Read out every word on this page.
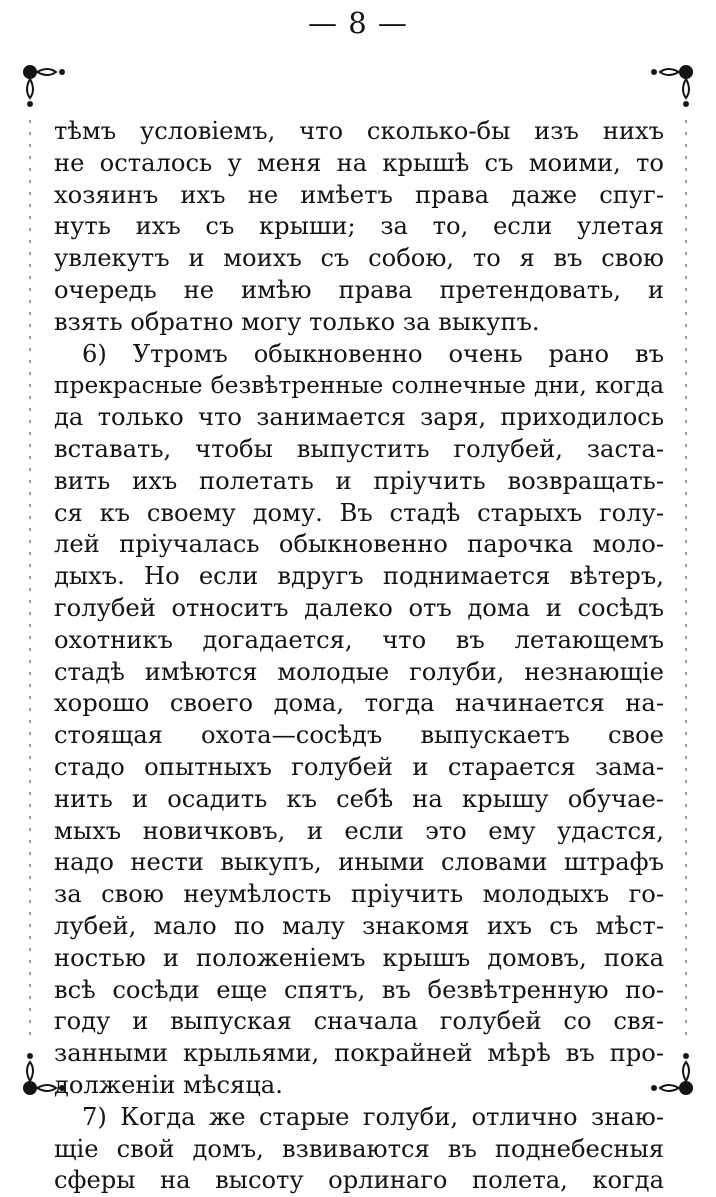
— 8 —

тѣмъ условіемъ, что сколько-бы изъ нихъ
не осталось у меня на крышѣ съ моими, то
хозяинъ ихъ не имѣетъ права даже спуг-
нуть ихъ съ крыши; за то, если улетая
увлекутъ и моихъ съ собою, то я въ свою
очередь не имѣю права претендовать, и
взять обратно могу только за выкупъ.

6) Утромъ обыкновенно очень рано въ
прекрасные безвѣтренные солнечные дни, когда
да только что занимается заря, приходилось
вставать, чтобы выпустить голубей, заста-
вить ихъ полетать и пріучить возвращать-
ся къ своему дому. Въ стадѣ старыхъ голу-
лей пріучалась обыкновенно парочка моло-
дыхъ. Но если вдругъ поднимается вѣтеръ,
голубей относитъ далеко отъ дома и сосѣдъ
охотникъ догадается, что въ летающемъ
стадѣ имѣются молодые голуби, незнающіе
хорошо своего дома, тогда начинается на-
стоящая охота—сосѣдъ выпускаетъ свое
стадо опытныхъ голубей и старается зама-
нить и осадить къ себѣ на крышу обучае-
мыхъ новичковъ, и если это ему удастся,
надо нести выкупъ, иными словами штрафъ
за свою неумѣлость пріучить молодыхъ го-
лубей, мало по малу знакомя ихъ съ мѣст-
ностью и положеніемъ крышъ домовъ, пока
всѣ сосѣди еще спятъ, въ безвѣтренную по-
году и выпуская сначала голубей со свя-
занными крыльями, покрайней мѣрѣ въ про-
долженіи мѣсяца.

7) Когда же старые голуби, отлично знаю-
щіе свой домъ, взвиваются въ поднебесныя
сферы на высоту орлинаго полета, когда
